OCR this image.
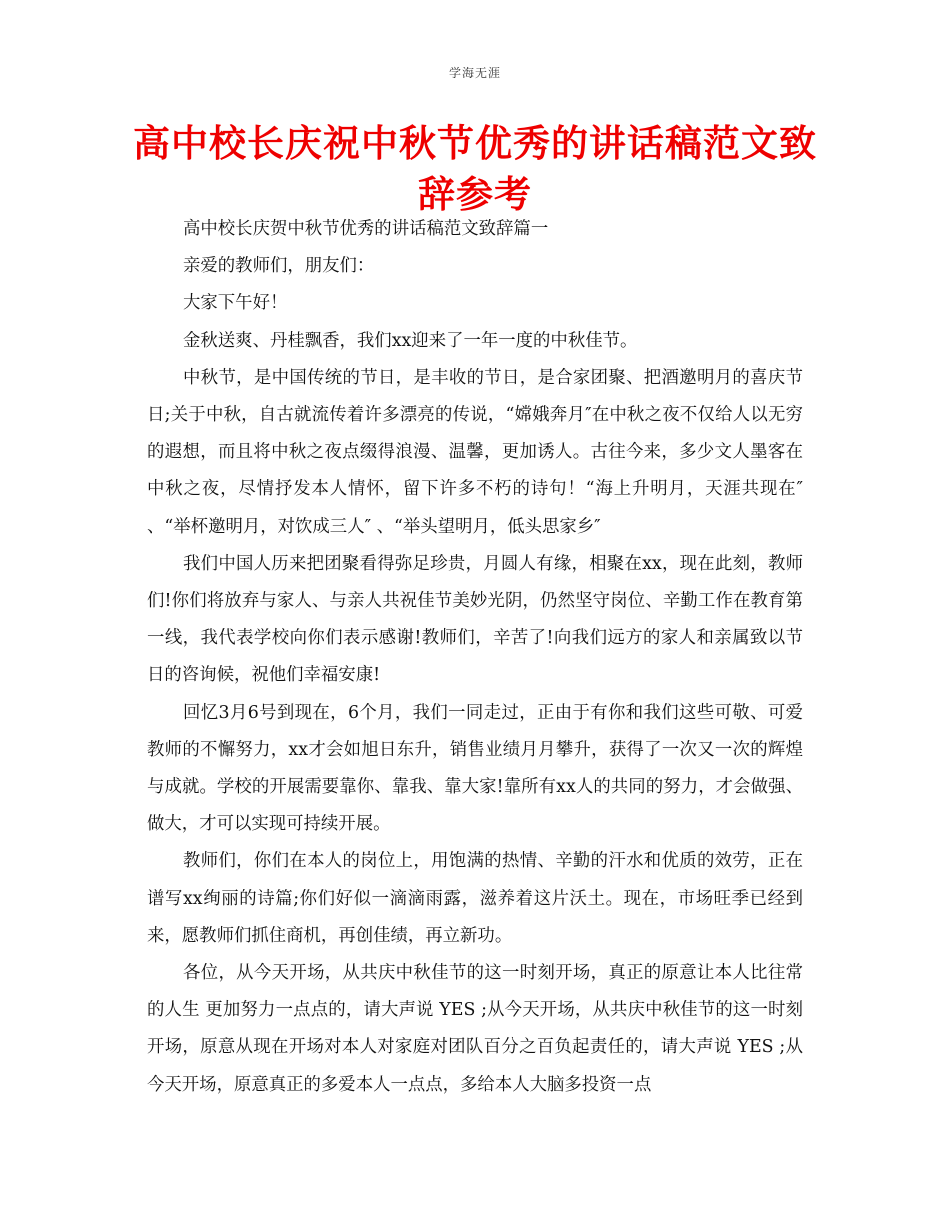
学海无涯
高中校长庆祝中秋节优秀的讲话稿范文致辞参考

高中校长庆贺中秋节优秀的讲话稿范文致辞篇一

亲爱的教师们，朋友们：

大家下午好！

金秋送爽、丹桂飘香，我们xx迎来了一年一度的中秋佳节。

中秋节，是中国传统的节日，是丰收的节日，是合家团聚、把酒邀明月的喜庆节日;关于中秋，自古就流传着许多漂亮的传说，“嫦娥奔月″在中秋之夜不仅给人以无穷的遐想，而且将中秋之夜点缀得浪漫、温馨，更加诱人。古往今来，多少文人墨客在中秋之夜，尽情抒发本人情怀，留下许多不朽的诗句！“海上升明月，天涯共现在″ 、“举杯邀明月，对饮成三人″ 、“举头望明月，低头思家乡″

我们中国人历来把团聚看得弥足珍贵，月圆人有缘，相聚在xx，现在此刻，教师们!你们将放弃与家人、与亲人共祝佳节美妙光阴，仍然坚守岗位、辛勤工作在教育第一线，我代表学校向你们表示感谢!教师们，辛苦了!向我们远方的家人和亲属致以节日的咨询候，祝他们幸福安康!

回忆3月6号到现在，6个月，我们一同走过，正由于有你和我们这些可敬、可爱教师的不懈努力，xx才会如旭日东升，销售业绩月月攀升，获得了一次又一次的辉煌与成就。学校的开展需要靠你、靠我、靠大家!靠所有xx人的共同的努力，才会做强、做大，才可以实现可持续开展。

教师们，你们在本人的岗位上，用饱满的热情、辛勤的汗水和优质的效劳，正在谱写xx绚丽的诗篇;你们好似一滴滴雨露，滋养着这片沃土。现在，市场旺季已经到来，愿教师们抓住商机，再创佳绩，再立新功。

各位，从今天开场，从共庆中秋佳节的这一时刻开场，真正的原意让本人比往常的人生 更加努力一点点的，请大声说 YES ;从今天开场，从共庆中秋佳节的这一时刻开场，原意从现在开场对本人对家庭对团队百分之百负起责任的，请大声说 YES ;从今天开场，原意真正的多爱本人一点点，多给本人大脑多投资一点
